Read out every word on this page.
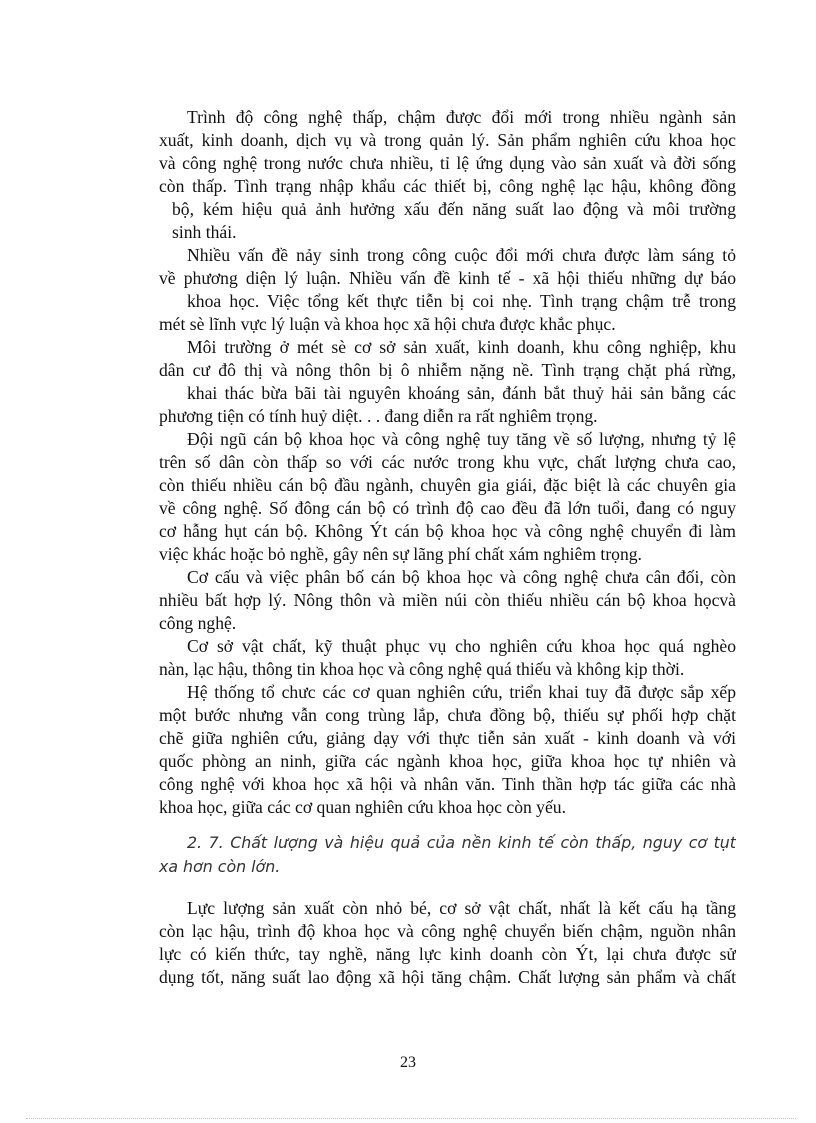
Trình độ công nghệ thấp, chậm được đổi mới trong nhiều ngành sản

xuất, kinh doanh, dịch vụ và trong quản lý. Sản phẩm nghiên cứu khoa học

và công nghệ trong nước chưa nhiều, tỉ lệ ứng dụng vào sản xuất và đời sống

còn thấp. Tình trạng nhập khẩu các thiết bị, công nghệ lạc hậu, không đồng

bộ, kém hiệu quả ảnh hưởng xấu đến năng suất lao động và môi trường

sinh thái.

Nhiều vấn đề nảy sinh trong công cuộc đổi mới chưa được làm sáng tỏ

về phương diện lý luận. Nhiều vấn đề kinh tế - xã hội thiếu những dự báo

khoa học. Việc tổng kết thực tiễn bị coi nhẹ. Tình trạng chậm trễ trong

mét sè lĩnh vực lý luận và khoa học xã hội chưa được khắc phục.

Môi trường ở mét sè cơ sở sản xuất, kinh doanh, khu công nghiệp, khu

dân cư đô thị và nông thôn bị ô nhiễm nặng nề. Tình trạng chặt phá rừng,

khai thác bừa bãi tài nguyên khoáng sản, đánh bắt thuỷ hải sản bằng các

phương tiện có tính huỷ diệt. . . đang diễn ra rất nghiêm trọng.

Đội ngũ cán bộ khoa học và công nghệ tuy tăng về số lượng, nhưng tỷ lệ

trên số dân còn thấp so với các nước trong khu vực, chất lượng chưa cao,

còn thiếu nhiều cán bộ đầu ngành, chuyên gia giái, đặc biệt là các chuyên gia

về công nghệ. Số đông cán bộ có trình độ cao đều đã lớn tuổi, đang có nguy

cơ hẫng hụt cán bộ. Không Ýt cán bộ khoa học và công nghệ chuyển đi làm

việc khác hoặc bỏ nghề, gây nên sự lãng phí chất xám nghiêm trọng.

Cơ cấu và việc phân bố cán bộ khoa học và công nghệ chưa cân đối, còn

nhiều bất hợp lý. Nông thôn và miền núi còn thiếu nhiều cán bộ khoa họcvà

công nghệ.

Cơ sở vật chất, kỹ thuật phục vụ cho nghiên cứu khoa học quá nghèo

nàn, lạc hậu, thông tin khoa học và công nghệ quá thiếu và không kịp thời.

Hệ thống tổ chưc các cơ quan nghiên cứu, triển khai tuy đã được sắp xếp

một bước nhưng vẫn cong trùng lắp, chưa đồng bộ, thiếu sự phối hợp chặt

chẽ giữa nghiên cứu, giảng dạy với thực tiễn sản xuất - kinh doanh và với

quốc phòng an ninh, giữa các ngành khoa học, giữa khoa học tự nhiên và

công nghệ với khoa học xã hội và nhân văn. Tinh thần hợp tác giữa các nhà

khoa học, giữa các cơ quan nghiên cứu khoa học còn yếu.

2. 7. Chất lượng và hiệu quả của nền kinh tế còn thấp, nguy cơ tụt

xa hơn còn lớn.

Lực lượng sản xuất còn nhỏ bé, cơ sở vật chất, nhất là kết cấu hạ tầng

còn lạc hậu, trình độ khoa học và công nghệ chuyển biến chậm, nguồn nhân

lực có kiến thức, tay nghề, năng lực kinh doanh còn Ýt, lại chưa được sử

dụng tốt, năng suất lao động xã hội tăng chậm. Chất lượng sản phẩm và chất

23
